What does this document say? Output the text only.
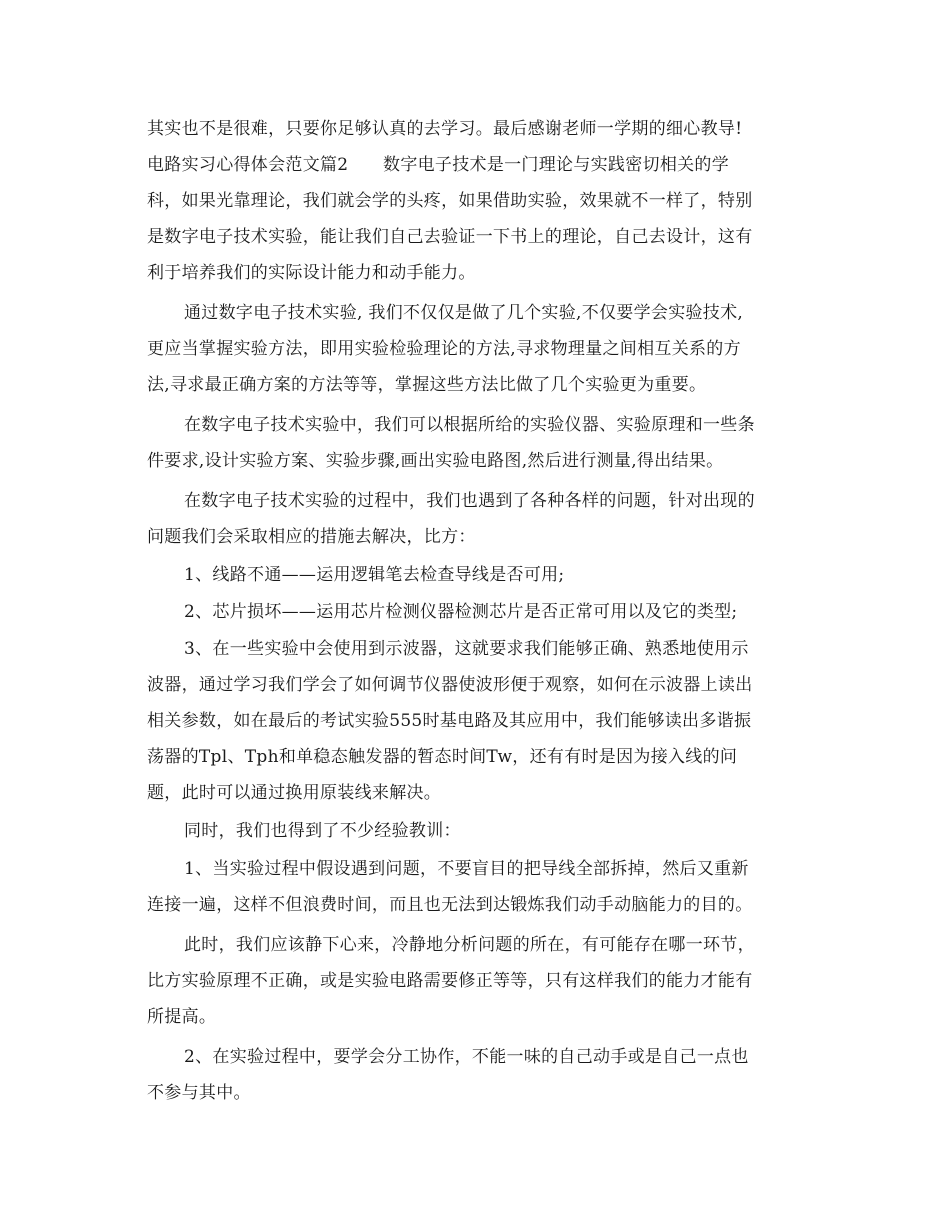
其实也不是很难，只要你足够认真的去学习。最后感谢老师一学期的细心教导!

电路实习心得体会范文篇2　　数字电子技术是一门理论与实践密切相关的学

科，如果光靠理论，我们就会学的头疼，如果借助实验，效果就不一样了，特别

是数字电子技术实验，能让我们自己去验证一下书上的理论，自己去设计，这有

利于培养我们的实际设计能力和动手能力。

通过数字电子技术实验, 我们不仅仅是做了几个实验,不仅要学会实验技术,

更应当掌握实验方法，即用实验检验理论的方法,寻求物理量之间相互关系的方

法,寻求最正确方案的方法等等，掌握这些方法比做了几个实验更为重要。

在数字电子技术实验中，我们可以根据所给的实验仪器、实验原理和一些条

件要求,设计实验方案、实验步骤,画出实验电路图,然后进行测量,得出结果。

在数字电子技术实验的过程中，我们也遇到了各种各样的问题，针对出现的

问题我们会采取相应的措施去解决，比方：

1、线路不通——运用逻辑笔去检查导线是否可用;

2、芯片损坏——运用芯片检测仪器检测芯片是否正常可用以及它的类型;

3、在一些实验中会使用到示波器，这就要求我们能够正确、熟悉地使用示

波器，通过学习我们学会了如何调节仪器使波形便于观察，如何在示波器上读出

相关参数，如在最后的考试实验555时基电路及其应用中，我们能够读出多谐振

荡器的Tpl、Tph和单稳态触发器的暂态时间Tw，还有有时是因为接入线的问

题，此时可以通过换用原装线来解决。

同时，我们也得到了不少经验教训：

1、当实验过程中假设遇到问题，不要盲目的把导线全部拆掉，然后又重新

连接一遍，这样不但浪费时间，而且也无法到达锻炼我们动手动脑能力的目的。

此时，我们应该静下心来，冷静地分析问题的所在，有可能存在哪一环节，

比方实验原理不正确，或是实验电路需要修正等等，只有这样我们的能力才能有

所提高。

2、在实验过程中，要学会分工协作，不能一味的自己动手或是自己一点也

不参与其中。
